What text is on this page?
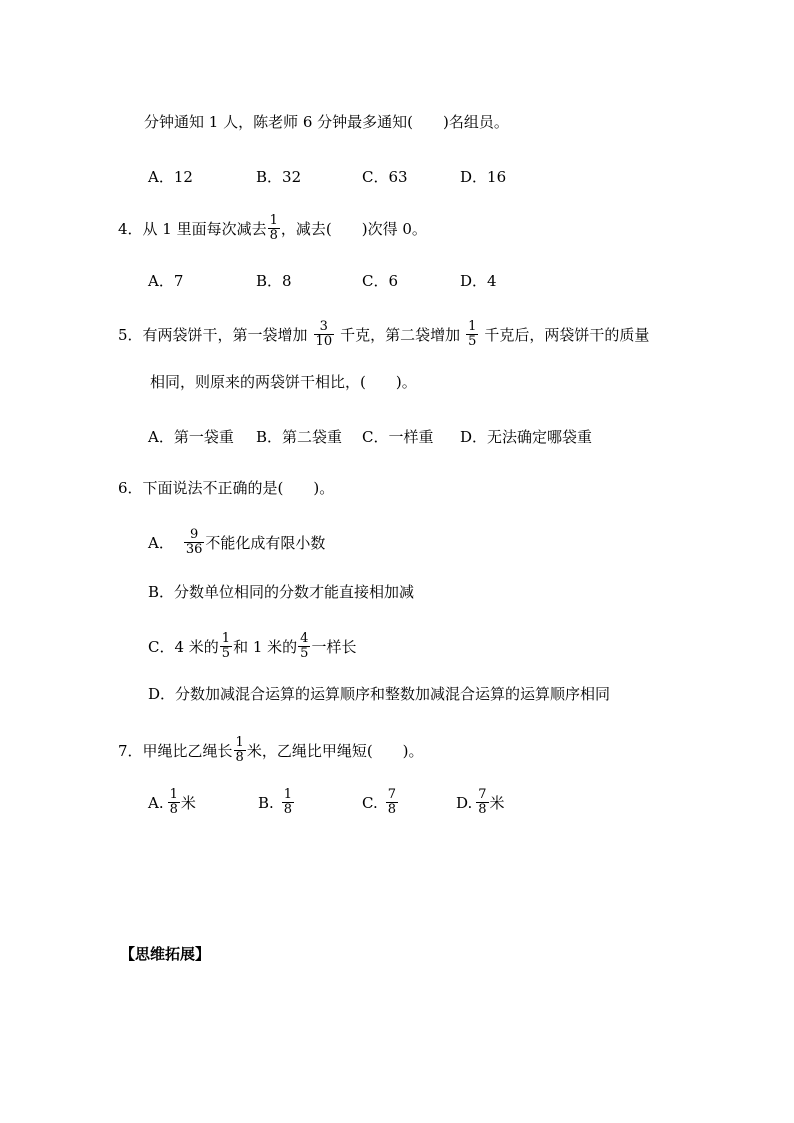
分钟通知 1 人，陈老师 6 分钟最多通知(　　)名组员。
A．12	B．32	C．63	D．16
4．从 1 里面每次减去 $\frac{1}{8}$ ，减去(　　)次得 0。
A．7	B．8	C．6	D．4
5．有两袋饼干，第一袋增加 $\frac{3}{10}$ 千克，第二袋增加 $\frac{1}{5}$ 千克后，两袋饼干的质量
相同，则原来的两袋饼干相比，(　　)。
A．第一袋重 B．第二袋重 C．一样重 D．无法确定哪袋重
6．下面说法不正确的是(　　)。
A． $\frac{9}{36}$ 不能化成有限小数
B．分数单位相同的分数才能直接相加减
C．4 米的 $\frac{1}{5}$ 和 1 米的 $\frac{4}{5}$ 一样长
D．分数加减混合运算的运算顺序和整数加减混合运算的运算顺序相同
7．甲绳比乙绳长 $\frac{1}{8}$ 米，乙绳比甲绳短(　　)。
A. $\frac{1}{8}$ 米	B. $\frac{1}{8}$	C. $\frac{7}{8}$	D. $\frac{7}{8}$ 米
【思维拓展】
